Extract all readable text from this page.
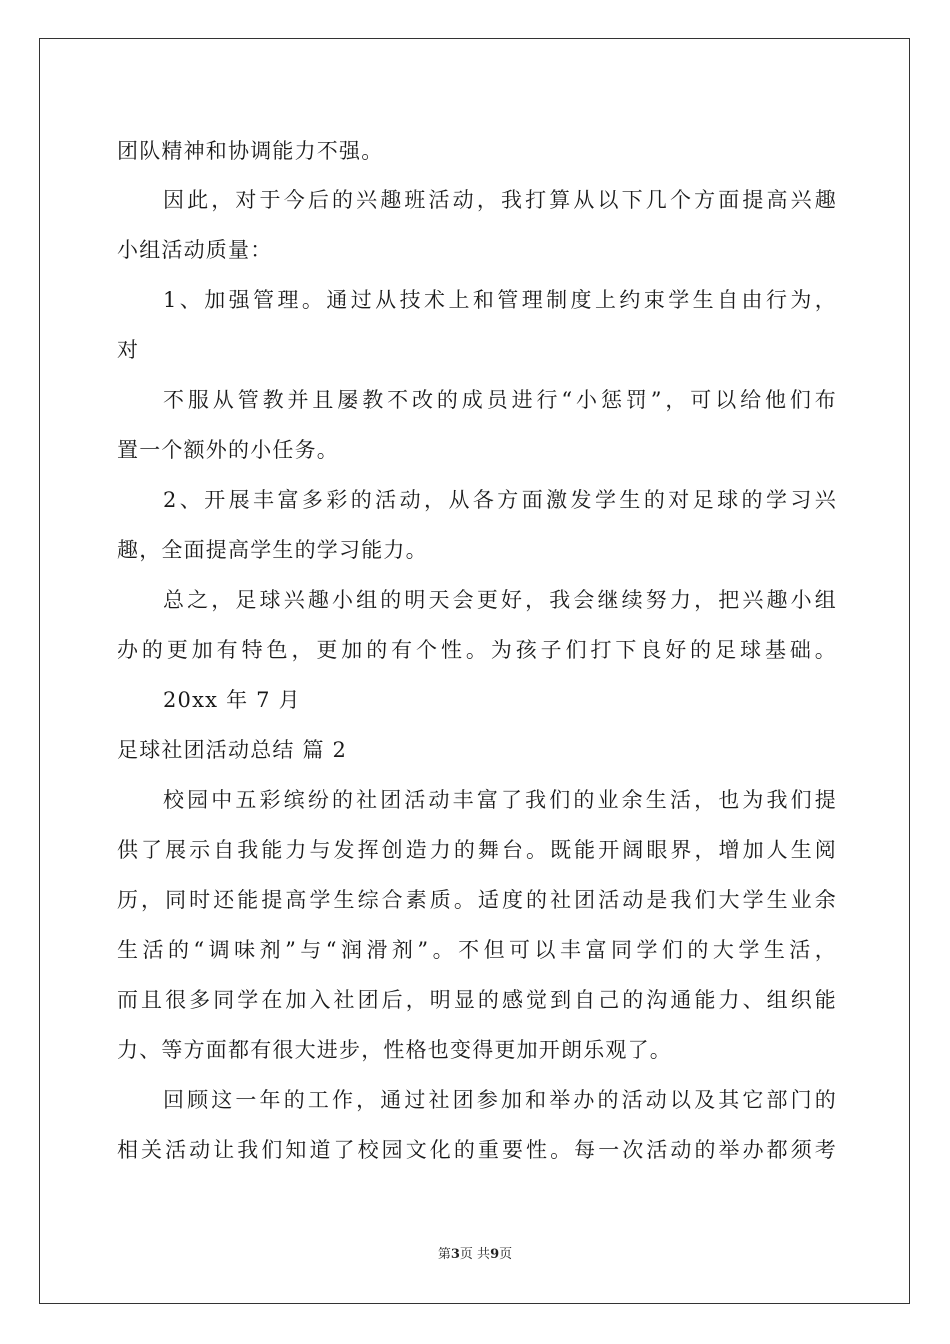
团队精神和协调能力不强。
因此，对于今后的兴趣班活动，我打算从以下几个方面提高兴趣
小组活动质量：
1、加强管理。通过从技术上和管理制度上约束学生自由行为，
对
不服从管教并且屡教不改的成员进行“小惩罚”，可以给他们布
置一个额外的小任务。
2、开展丰富多彩的活动，从各方面激发学生的对足球的学习兴
趣，全面提高学生的学习能力。
总之，足球兴趣小组的明天会更好，我会继续努力，把兴趣小组
办的更加有特色，更加的有个性。为孩子们打下良好的足球基础。
20xx 年 7 月
足球社团活动总结 篇 2
校园中五彩缤纷的社团活动丰富了我们的业余生活，也为我们提
供了展示自我能力与发挥创造力的舞台。既能开阔眼界，增加人生阅
历，同时还能提高学生综合素质。适度的社团活动是我们大学生业余
生活的“调味剂”与“润滑剂”。不但可以丰富同学们的大学生活，
而且很多同学在加入社团后，明显的感觉到自己的沟通能力、组织能
力、等方面都有很大进步，性格也变得更加开朗乐观了。
回顾这一年的工作，通过社团参加和举办的活动以及其它部门的
相关活动让我们知道了校园文化的重要性。每一次活动的举办都须考
第3页 共9页
